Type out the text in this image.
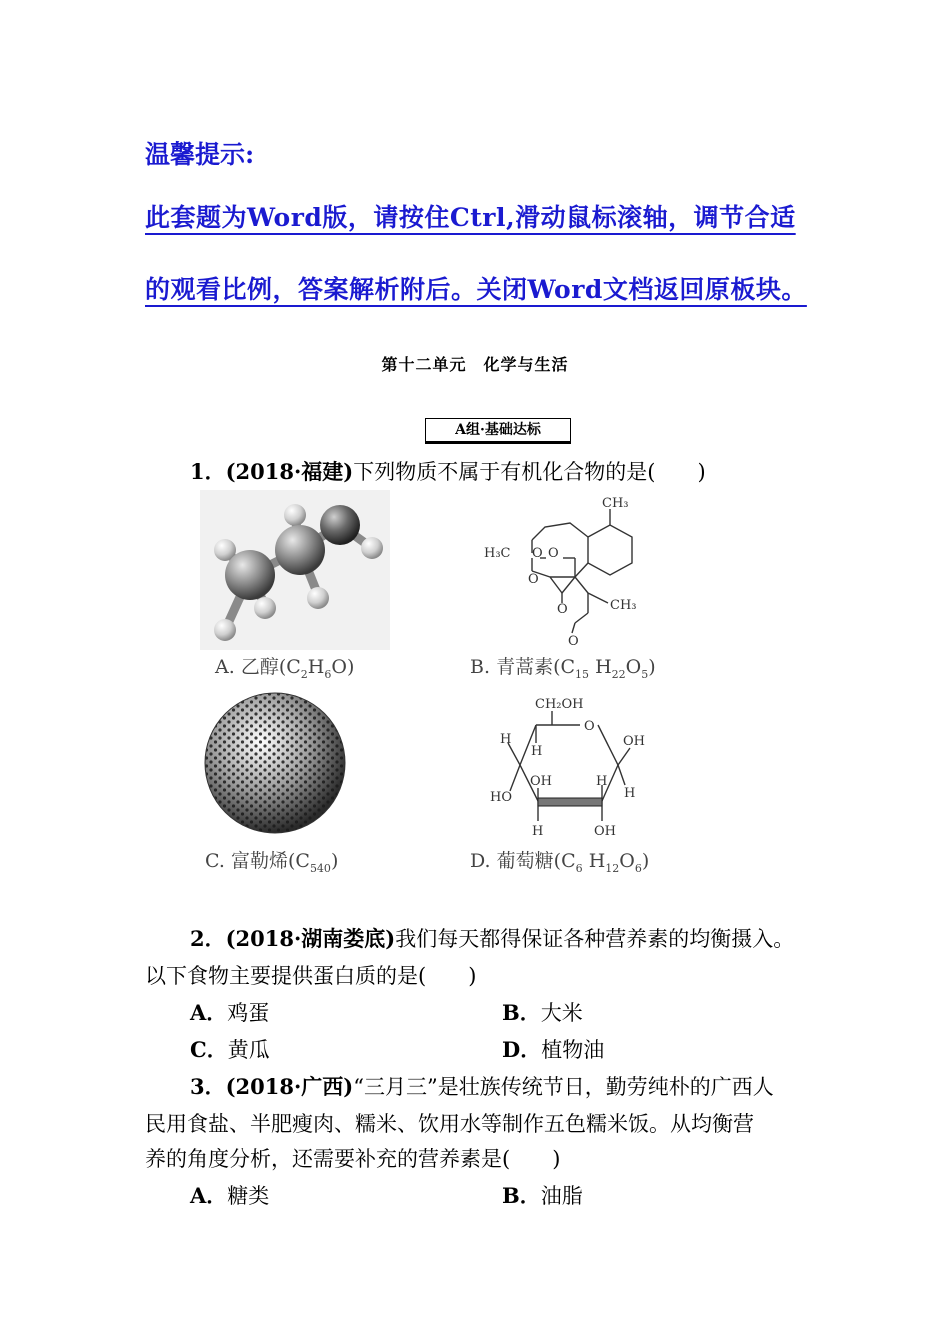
温馨提示:
此套题为Word版，请按住Ctrl,滑动鼠标滚轴，调节合适
的观看比例，答案解析附后。关闭Word文档返回原板块。
第十二单元　化学与生活
A组·基础达标
1．(2018·福建)下列物质不属于有机化合物的是(　　)
A. 乙醇$(C_2H_6O)$
CH₃
H₃C O O
O
O	CH₃
O
B. 青蒿素($C_{15}$ $H_{22}O_5$)
C. 富勒烯$(C_{540})$
CH₂OH
O
H
H
OH
OH	H
H
HO
H	OH
D. 葡萄糖($C_6$ $H_{12}O_6$)
2．(2018·湖南娄底)我们每天都得保证各种营养素的均衡摄入。
以下食物主要提供蛋白质的是(　　)
A．鸡蛋	B．大米
C．黄瓜	D．植物油
3．(2018·广西)“三月三”是壮族传统节日，勤劳纯朴的广西人
民用食盐、半肥瘦肉、糯米、饮用水等制作五色糯米饭。从均衡营
养的角度分析，还需要补充的营养素是(　　)
A．糖类	B．油脂
